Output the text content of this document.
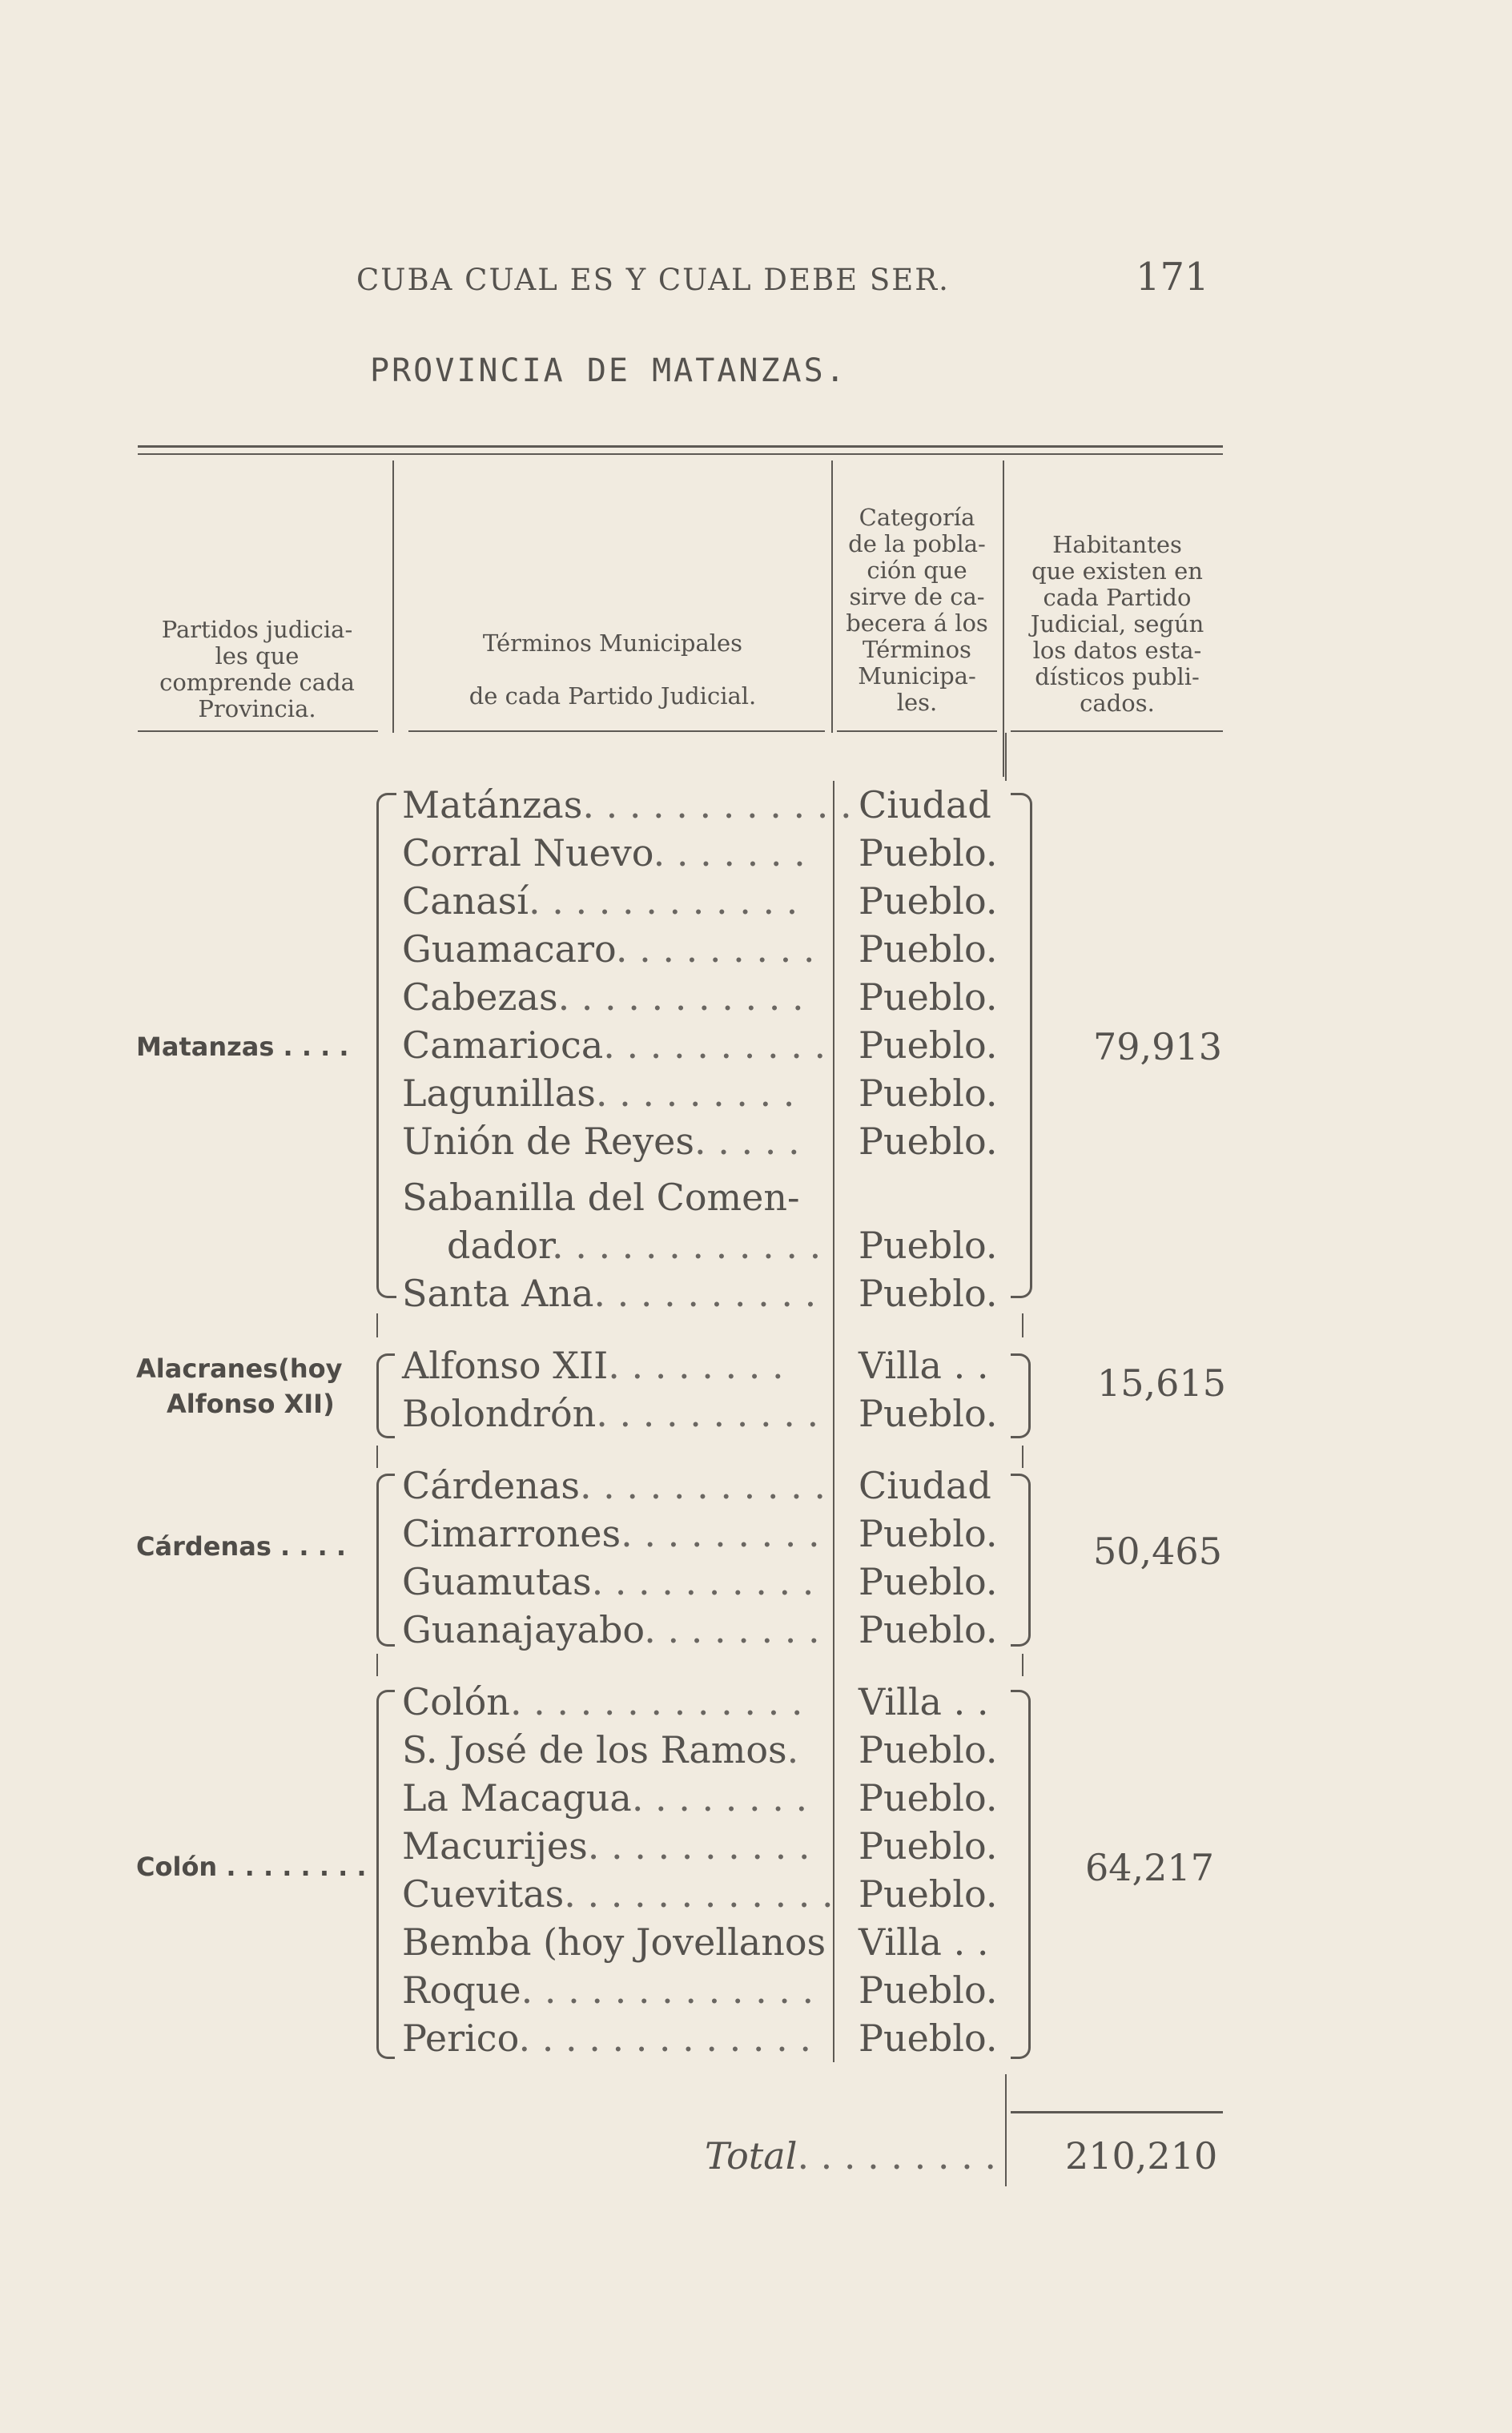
CUBA CUAL ES Y CUAL DEBE SER.	171
PROVINCIA DE MATANZAS.
Partidos judicia-
les que
comprende cada
Provincia.
Términos Municipales
de cada Partido Judicial.
Categoría
de la pobla-
ción que
sirve de ca-
becera á los
Términos
Municipa-
les.
Habitantes
que existen en
cada Partido
Judicial, según
los datos esta-
dísticos publi-
cados.
Matánzas. . . . . . . . . . . . Ciudad
Corral Nuevo. . . . . . . Pueblo.
Canasí. . . . . . . . . . . . Pueblo.
Guamacaro. . . . . . . . . Pueblo.
Cabezas. . . . . . . . . . . Pueblo.
Camarioca. . . . . . . . . . Pueblo.
Lagunillas. . . . . . . . . Pueblo.
Unión de Reyes. . . . . Pueblo.
Sabanilla del Comen-
dador. . . . . . . . . . . . Pueblo.
Santa Ana. . . . . . . . . . Pueblo.
Alfonso XII. . . . . . . . Villa . .
Bolondrón. . . . . . . . . . Pueblo.
Cárdenas. . . . . . . . . . . Ciudad
Cimarrones. . . . . . . . . Pueblo.
Guamutas. . . . . . . . . . Pueblo.
Guanajayabo. . . . . . . . Pueblo.
Colón. . . . . . . . . . . . . Villa . .
S. José de los Ramos. Pueblo.
La Macagua. . . . . . . . Pueblo.
Macurijes. . . . . . . . . . Pueblo.
Cuevitas. . . . . . . . . . . . Pueblo.
Bemba (hoy Jovellanos Villa . .
Roque. . . . . . . . . . . . . Pueblo.
Perico. . . . . . . . . . . . . Pueblo.
Matanzas . . . .
Alacranes(hoy
Alfonso XII)
Cárdenas . . . .
Colón . . . . . . . .
79,913
15,615
50,465
64,217
Total. . . . . . . . . 210,210
